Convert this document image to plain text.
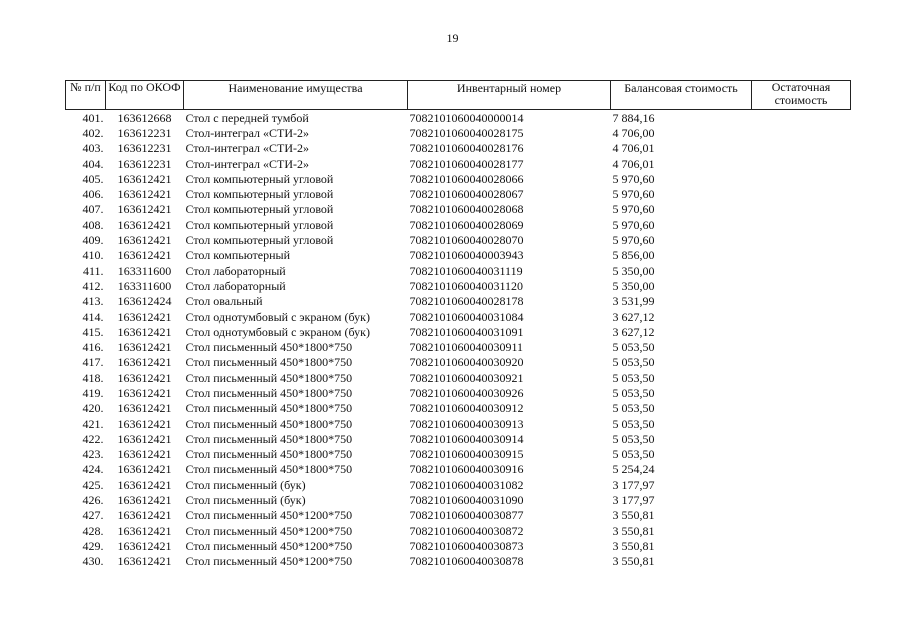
19
№ п/п	Код по ОКОФ	Наименование имущества	Инвентарный номер	Балансовая стоимость	Остаточная стоимость
401.	163612668	Стол с передней тумбой	7082101060040000014	7 884,16	
402.	163612231	Стол-интеграл «СТИ-2»	7082101060040028175	4 706,00	
403.	163612231	Стол-интеграл «СТИ-2»	7082101060040028176	4 706,01	
404.	163612231	Стол-интеграл «СТИ-2»	7082101060040028177	4 706,01	
405.	163612421	Стол компьютерный угловой	7082101060040028066	5 970,60	
406.	163612421	Стол компьютерный угловой	7082101060040028067	5 970,60	
407.	163612421	Стол компьютерный угловой	7082101060040028068	5 970,60	
408.	163612421	Стол компьютерный угловой	7082101060040028069	5 970,60	
409.	163612421	Стол компьютерный угловой	7082101060040028070	5 970,60	
410.	163612421	Стол компьютерный	7082101060040003943	5 856,00	
411.	163311600	Стол лабораторный	7082101060040031119	5 350,00	
412.	163311600	Стол лабораторный	7082101060040031120	5 350,00	
413.	163612424	Стол овальный	7082101060040028178	3 531,99	
414.	163612421	Стол однотумбовый с экраном (бук)	7082101060040031084	3 627,12	
415.	163612421	Стол однотумбовый с экраном (бук)	7082101060040031091	3 627,12	
416.	163612421	Стол письменный 450*1800*750	7082101060040030911	5 053,50	
417.	163612421	Стол письменный 450*1800*750	7082101060040030920	5 053,50	
418.	163612421	Стол письменный 450*1800*750	7082101060040030921	5 053,50	
419.	163612421	Стол письменный 450*1800*750	7082101060040030926	5 053,50	
420.	163612421	Стол письменный 450*1800*750	7082101060040030912	5 053,50	
421.	163612421	Стол письменный 450*1800*750	7082101060040030913	5 053,50	
422.	163612421	Стол письменный 450*1800*750	7082101060040030914	5 053,50	
423.	163612421	Стол письменный 450*1800*750	7082101060040030915	5 053,50	
424.	163612421	Стол письменный 450*1800*750	7082101060040030916	5 254,24	
425.	163612421	Стол письменный (бук)	7082101060040031082	3 177,97	
426.	163612421	Стол письменный (бук)	7082101060040031090	3 177,97	
427.	163612421	Стол письменный 450*1200*750	7082101060040030877	3 550,81	
428.	163612421	Стол письменный 450*1200*750	7082101060040030872	3 550,81	
429.	163612421	Стол письменный 450*1200*750	7082101060040030873	3 550,81	
430.	163612421	Стол письменный 450*1200*750	7082101060040030878	3 550,81	
